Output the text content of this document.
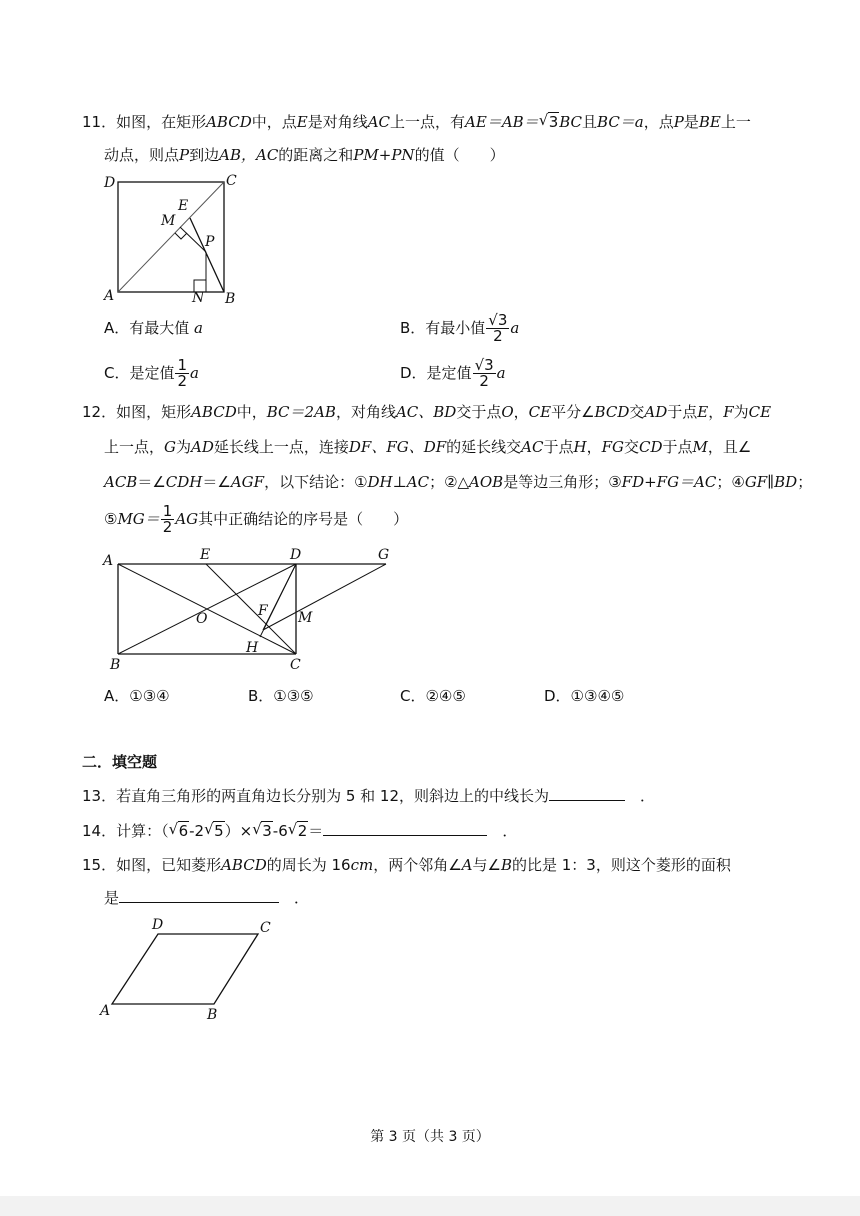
11．如图，在矩形ABCD中，点E是对角线AC上一点，有AE＝AB＝ √ 3BC且BC＝a，点P是BE上一
动点，则点P到边AB，AC的距离之和PM+PN的值（　　）
D	C
A	B
N
E
M
P
A．有最大值 a	B．有最小值 $\frac{√3}{2}$ a
C．是定值 $\frac{1}{2}$ a	D．是定值 $\frac{√3}{2}$ a
12．如图，矩形ABCD中，BC＝2AB，对角线AC、BD交于点O，CE平分∠BCD交AD于点E，F为CE
上一点，G为AD延长线上一点，连接DF、FG、DF的延长线交AC于点H，FG交CD于点M，且∠
ACB＝∠CDH＝∠AGF，以下结论：①DH⊥AC；②△AOB是等边三角形；③FD+FG＝AC；④GF∥BD；
⑤MG＝ $\frac{1}{2}$ AG其中正确结论的序号是（　　）
A	E	D	G
O	F M
H
B	C
A．①③④	B．①③⑤	C．②④⑤	D．①③④⑤
二．填空题
13．若直角三角形的两直角边长分别为 5 和 12，则斜边上的中线长为　	．
14．计算：（ √ 6-2 √ 5）× √ 3-6 √ 2＝　	．
15．如图，已知菱形ABCD的周长为 16cm，两个邻角∠A与∠B的比是 1：3，则这个菱形的面积
是　	．
D	C
A	B
第 3 页（共 3 页）
